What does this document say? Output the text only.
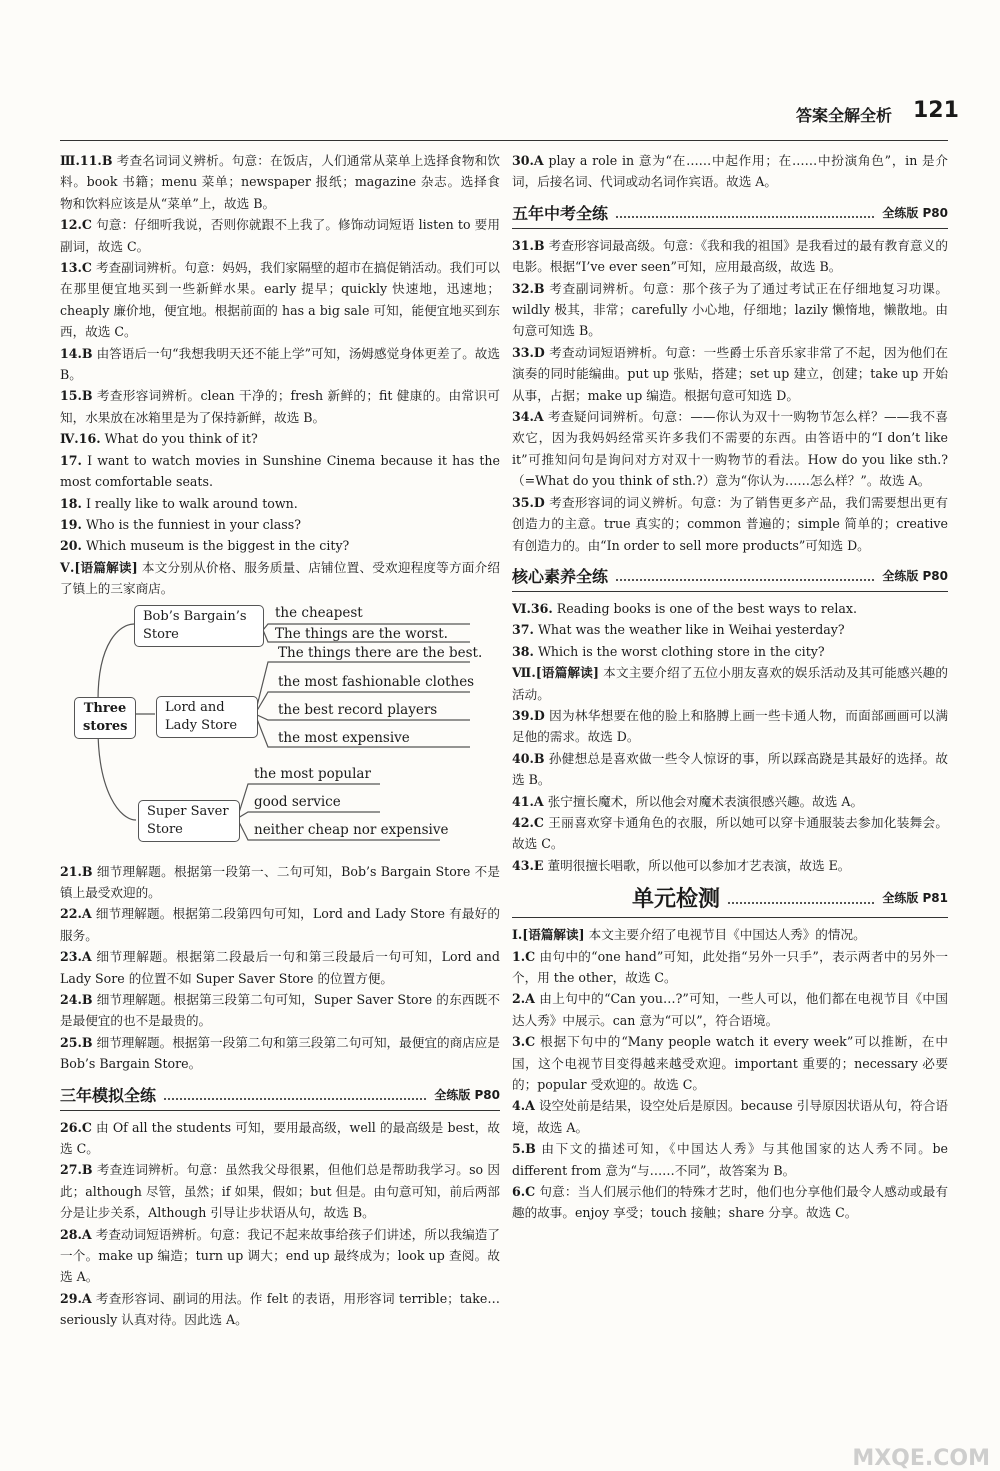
答案全解全析 121

Ⅲ.11.B 考查名词词义辨析。句意：在饭店，人们通常从菜单上选择食物和饮料。book 书籍；menu 菜单；newspaper 报纸；magazine 杂志。选择食物和饮料应该是从“菜单”上，故选 B。

12.C 句意：仔细听我说，否则你就跟不上我了。修饰动词短语 listen to 要用副词，故选 C。

13.C 考查副词辨析。句意：妈妈，我们家隔壁的超市在搞促销活动。我们可以在那里便宜地买到一些新鲜水果。early 提早；quickly 快速地，迅速地；cheaply 廉价地，便宜地。根据前面的 has a big sale 可知，能便宜地买到东西，故选 C。

14.B 由答语后一句“我想我明天还不能上学”可知，汤姆感觉身体更差了。故选 B。

15.B 考查形容词辨析。clean 干净的；fresh 新鲜的；fit 健康的。由常识可知，水果放在冰箱里是为了保持新鲜，故选 B。

Ⅳ.16. What do you think of it?

17. I want to watch movies in Sunshine Cinema because it has the most comfortable seats.

18. I really like to walk around town.

19. Who is the funniest in your class?

20. Which museum is the biggest in the city?

Ⅴ.[语篇解读] 本文分别从价格、服务质量、店铺位置、受欢迎程度等方面介绍了镇上的三家商店。

Three stores
Bob’s Bargain’s Store
Lord and Lady Store
Super Saver Store
the cheapest
The things are the worst.
The things there are the best.
the most fashionable clothes
the best record players
the most expensive
the most popular
good service
neither cheap nor expensive

21.B 细节理解题。根据第一段第一、二句可知，Bob’s Bargain Store 不是镇上最受欢迎的。

22.A 细节理解题。根据第二段第四句可知，Lord and Lady Store 有最好的服务。

23.A 细节理解题。根据第二段最后一句和第三段最后一句可知，Lord and Lady Sore 的位置不如 Super Saver Store 的位置方便。

24.B 细节理解题。根据第三段第二句可知，Super Saver Store 的东西既不是最便宜的也不是最贵的。

25.B 细节理解题。根据第一段第二句和第三段第二句可知，最便宜的商店应是 Bob’s Bargain Store。

三年模拟全练	全练版 P80

26.C 由 Of all the students 可知，要用最高级，well 的最高级是 best，故选 C。

27.B 考查连词辨析。句意：虽然我父母很累，但他们总是帮助我学习。so 因此；although 尽管，虽然；if 如果，假如；but 但是。由句意可知，前后两部分是让步关系，Although 引导让步状语从句，故选 B。

28.A 考查动词短语辨析。句意：我记不起来故事给孩子们讲述，所以我编造了一个。make up 编造；turn up 调大；end up 最终成为；look up 查阅。故选 A。

29.A 考查形容词、副词的用法。作 felt 的表语，用形容词 terrible；take…seriously 认真对待。因此选 A。

30.A play a role in 意为“在……中起作用；在……中扮演角色”，in 是介词，后接名词、代词或动名词作宾语。故选 A。

五年中考全练	全练版 P80

31.B 考查形容词最高级。句意：《我和我的祖国》是我看过的最有教育意义的电影。根据“I’ve ever seen”可知，应用最高级，故选 B。

32.B 考查副词辨析。句意：那个孩子为了通过考试正在仔细地复习功课。wildly 极其，非常；carefully 小心地，仔细地；lazily 懒惰地，懒散地。由句意可知选 B。

33.D 考查动词短语辨析。句意：一些爵士乐音乐家非常了不起，因为他们在演奏的同时能编曲。put up 张贴，搭建；set up 建立，创建；take up 开始从事，占据；make up 编造。根据句意可知选 D。

34.A 考查疑问词辨析。句意：——你认为双十一购物节怎么样？——我不喜欢它，因为我妈妈经常买许多我们不需要的东西。由答语中的“I don’t like it”可推知问句是询问对方对双十一购物节的看法。How do you like sth.?（=What do you think of sth.?）意为“你认为……怎么样？”。故选 A。

35.D 考查形容词的词义辨析。句意：为了销售更多产品，我们需要想出更有创造力的主意。true 真实的；common 普遍的；simple 简单的；creative 有创造力的。由“In order to sell more products”可知选 D。

核心素养全练	全练版 P80

Ⅵ.36. Reading books is one of the best ways to relax.

37. What was the weather like in Weihai yesterday?

38. Which is the worst clothing store in the city?

Ⅶ.[语篇解读] 本文主要介绍了五位小朋友喜欢的娱乐活动及其可能感兴趣的活动。

39.D 因为林华想要在他的脸上和胳膊上画一些卡通人物，而面部画画可以满足他的需求。故选 D。

40.B 孙健想总是喜欢做一些令人惊讶的事，所以踩高跷是其最好的选择。故选 B。

41.A 张宁擅长魔术，所以他会对魔术表演很感兴趣。故选 A。

42.C 王丽喜欢穿卡通角色的衣服，所以她可以穿卡通服装去参加化装舞会。故选 C。

43.E 董明很擅长唱歌，所以他可以参加才艺表演，故选 E。

单元检测	全练版 P81

Ⅰ.[语篇解读] 本文主要介绍了电视节目《中国达人秀》的情况。

1.C 由句中的“one hand”可知，此处指“另外一只手”，表示两者中的另外一个，用 the other，故选 C。

2.A 由上句中的“Can you…?”可知，一些人可以，他们都在电视节目《中国达人秀》中展示。can 意为“可以”，符合语境。

3.C 根据下句中的“Many people watch it every week”可以推断，在中国，这个电视节目变得越来越受欢迎。important 重要的；necessary 必要的；popular 受欢迎的。故选 C。

4.A 设空处前是结果，设空处后是原因。because 引导原因状语从句，符合语境，故选 A。

5.B 由下文的描述可知，《中国达人秀》与其他国家的达人秀不同。be different from 意为“与……不同”，故答案为 B。

6.C 句意：当人们展示他们的特殊才艺时，他们也分享他们最令人感动或最有趣的故事。enjoy 享受；touch 接触；share 分享。故选 C。

MXQE.COM
